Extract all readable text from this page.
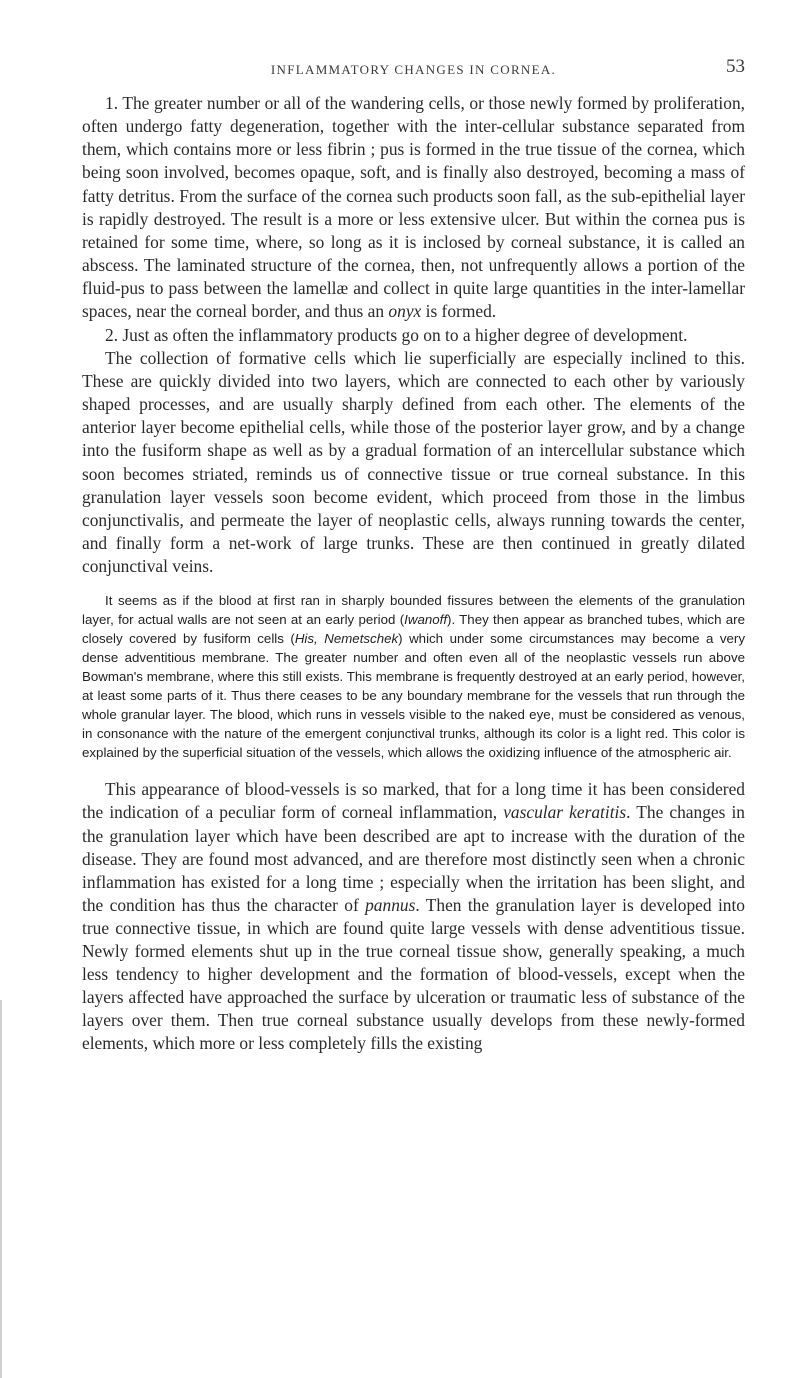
INFLAMMATORY CHANGES IN CORNEA.	53

1. The greater number or all of the wandering cells, or those newly formed by proliferation, often undergo fatty degeneration, together with the inter-cellular substance separated from them, which contains more or less fibrin ; pus is formed in the true tissue of the cornea, which being soon involved, becomes opaque, soft, and is finally also destroyed, becoming a mass of fatty detritus. From the surface of the cornea such products soon fall, as the sub-epithelial layer is rapidly destroyed. The result is a more or less extensive ulcer. But within the cornea pus is retained for some time, where, so long as it is inclosed by corneal substance, it is called an abscess. The laminated structure of the cornea, then, not unfrequently allows a portion of the fluid-pus to pass between the lamellæ and collect in quite large quantities in the inter-lamellar spaces, near the corneal border, and thus an onyx is formed.

2. Just as often the inflammatory products go on to a higher degree of development.

The collection of formative cells which lie superficially are especially inclined to this. These are quickly divided into two layers, which are connected to each other by variously shaped processes, and are usually sharply defined from each other. The elements of the anterior layer become epithelial cells, while those of the posterior layer grow, and by a change into the fusiform shape as well as by a gradual formation of an intercellular substance which soon becomes striated, reminds us of connective tissue or true corneal substance. In this granulation layer vessels soon become evident, which proceed from those in the limbus conjunctivalis, and permeate the layer of neoplastic cells, always running towards the center, and finally form a net-work of large trunks. These are then continued in greatly dilated conjunctival veins.

It seems as if the blood at first ran in sharply bounded fissures between the elements of the granulation layer, for actual walls are not seen at an early period (Iwanoff). They then appear as branched tubes, which are closely covered by fusiform cells (His, Nemetschek) which under some circumstances may become a very dense adventitious membrane. The greater number and often even all of the neoplastic vessels run above Bowman's membrane, where this still exists. This membrane is frequently destroyed at an early period, however, at least some parts of it. Thus there ceases to be any boundary membrane for the vessels that run through the whole granular layer. The blood, which runs in vessels visible to the naked eye, must be considered as venous, in consonance with the nature of the emergent conjunctival trunks, although its color is a light red. This color is explained by the superficial situation of the vessels, which allows the oxidizing influence of the atmospheric air.

This appearance of blood-vessels is so marked, that for a long time it has been considered the indication of a peculiar form of corneal inflammation, vascular keratitis. The changes in the granulation layer which have been described are apt to increase with the duration of the disease. They are found most advanced, and are therefore most distinctly seen when a chronic inflammation has existed for a long time ; especially when the irritation has been slight, and the condition has thus the character of pannus. Then the granulation layer is developed into true connective tissue, in which are found quite large vessels with dense adventitious tissue. Newly formed elements shut up in the true corneal tissue show, generally speaking, a much less tendency to higher development and the formation of blood-vessels, except when the layers affected have approached the surface by ulceration or traumatic less of substance of the layers over them. Then true corneal substance usually develops from these newly-formed elements, which more or less completely fills the existing
